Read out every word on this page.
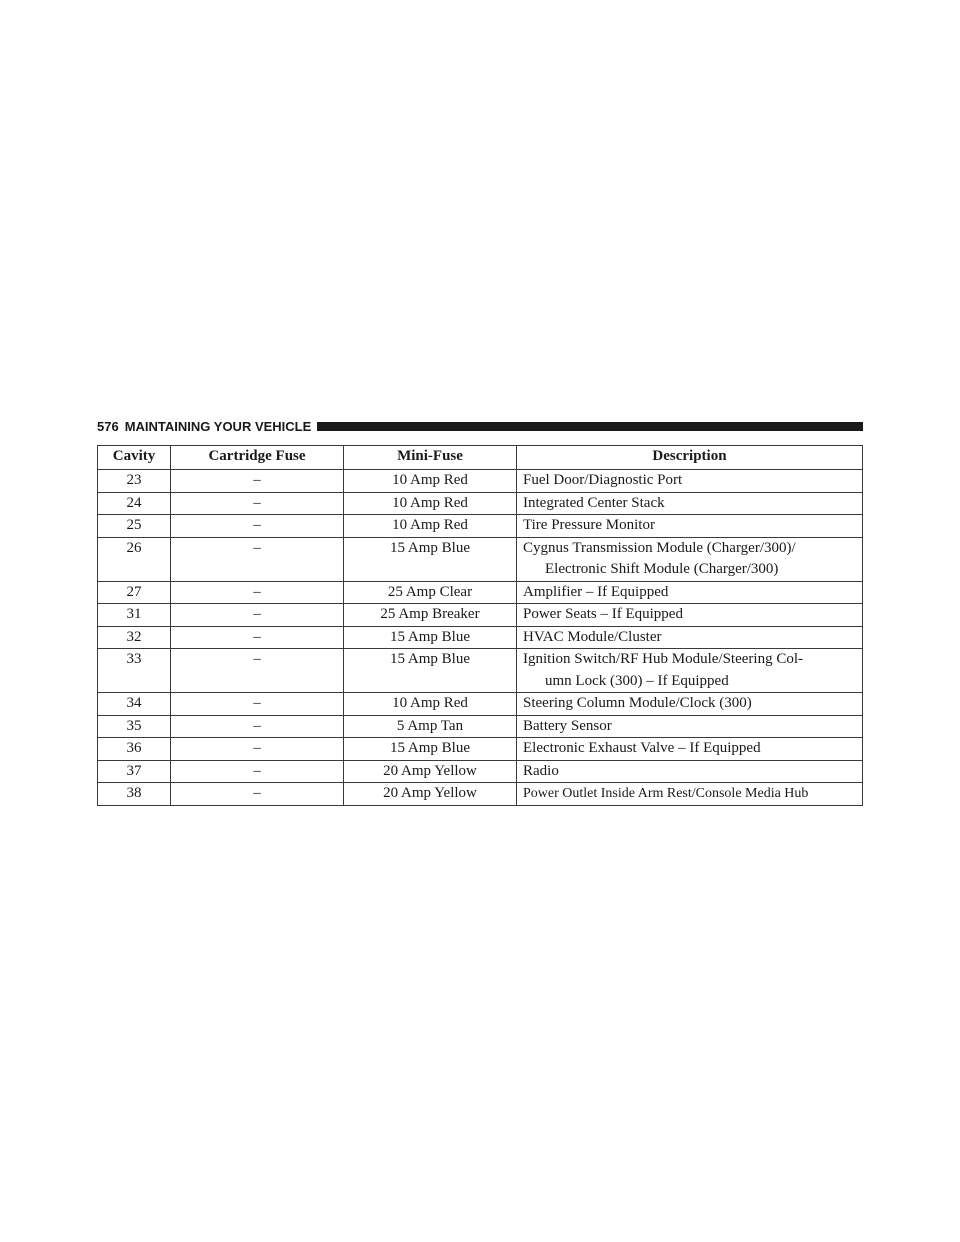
576 MAINTAINING YOUR VEHICLE
Cavity	Cartridge Fuse	Mini-Fuse	Description
23	–	10 Amp Red	Fuel Door/Diagnostic Port
24	–	10 Amp Red	Integrated Center Stack
25	–	10 Amp Red	Tire Pressure Monitor
26	–	15 Amp Blue	Cygnus Transmission Module (Charger/300)/
Electronic Shift Module (Charger/300)

27	–	25 Amp Clear	Amplifier – If Equipped
31	–	25 Amp Breaker	Power Seats – If Equipped
32	–	15 Amp Blue	HVAC Module/Cluster
33	–	15 Amp Blue	Ignition Switch/RF Hub Module/Steering Col-
umn Lock (300) – If Equipped

34	–	10 Amp Red	Steering Column Module/Clock (300)
35	–	5 Amp Tan	Battery Sensor
36	–	15 Amp Blue	Electronic Exhaust Valve – If Equipped
37	–	20 Amp Yellow	Radio
38	–	20 Amp Yellow	Power Outlet Inside Arm Rest/Console Media Hub
